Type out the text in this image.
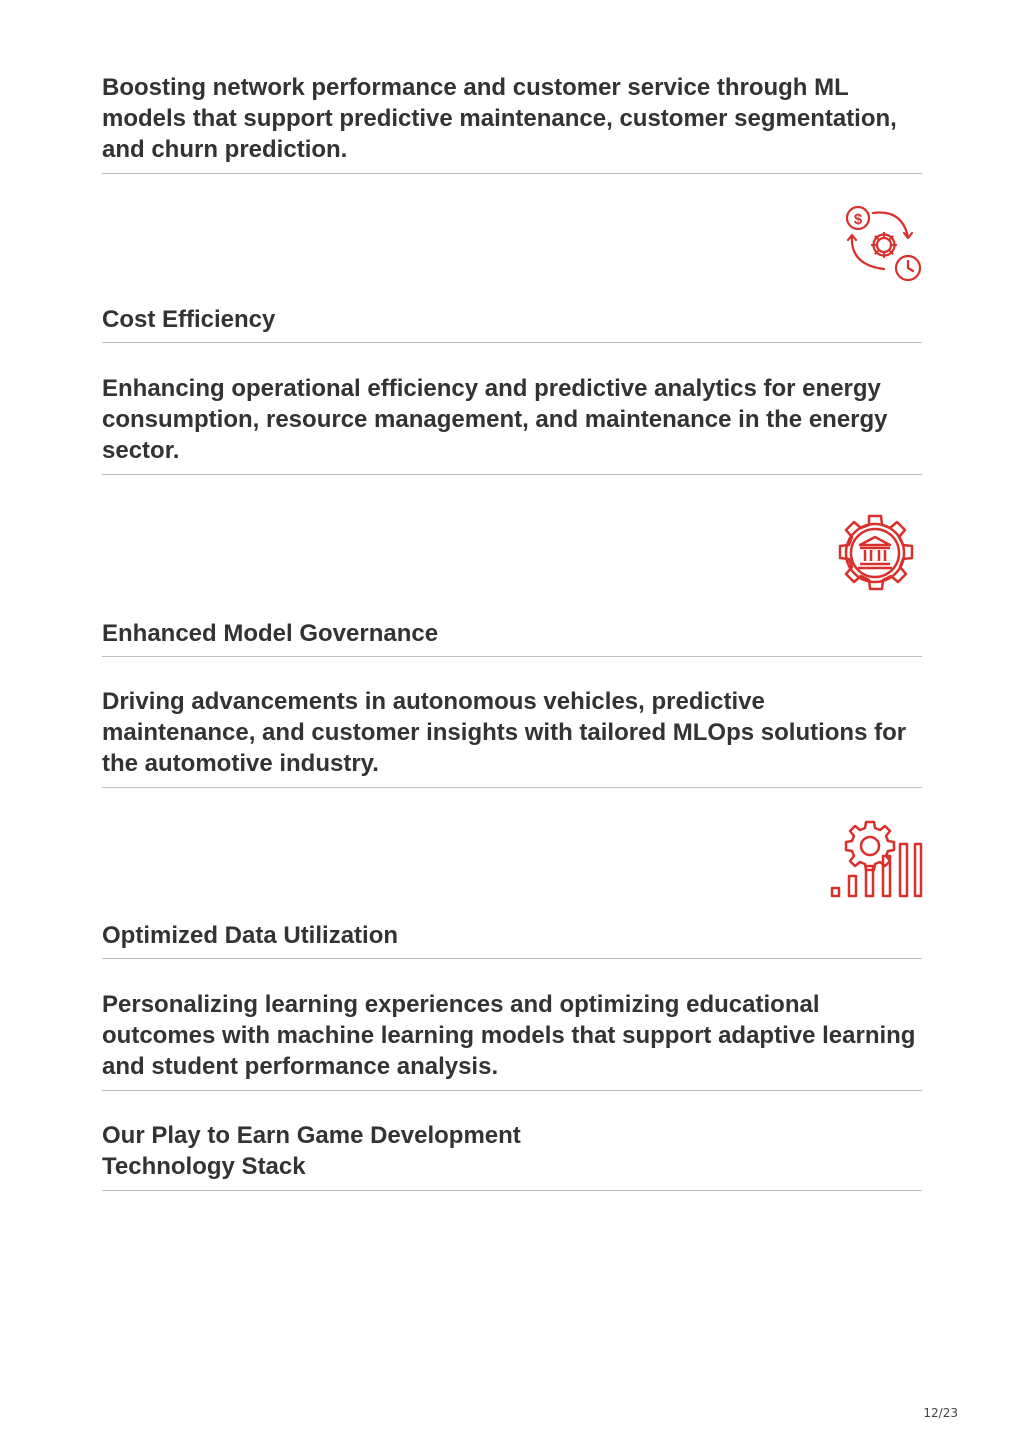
Boosting network performance and customer service through ML models that support predictive maintenance, customer segmentation, and churn prediction.
$
Cost Efficiency
Enhancing operational efficiency and predictive analytics for energy consumption, resource management, and maintenance in the energy sector.
Enhanced Model Governance
Driving advancements in autonomous vehicles, predictive maintenance, and customer insights with tailored MLOps solutions for the automotive industry.
Optimized Data Utilization
Personalizing learning experiences and optimizing educational outcomes with machine learning models that support adaptive learning and student performance analysis.
Our Play to Earn Game Development
Technology Stack
12/23
